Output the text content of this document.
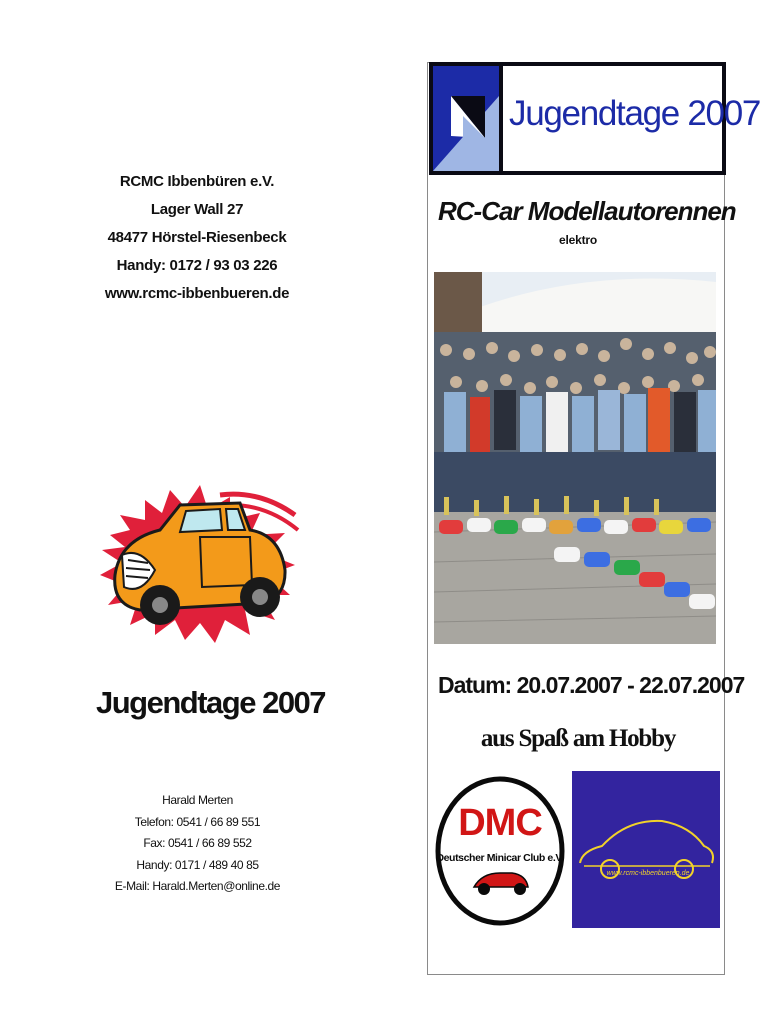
RCMC Ibbenbüren e.V.
Lager Wall 27
48477 Hörstel-Riesenbeck
Handy: 0172 / 93 03 226
www.rcmc-ibbenbueren.de
Jugendtage 2007
Harald Merten
Telefon: 0541 / 66 89 551
Fax: 0541 / 66 89 552
Handy: 0171 / 489 40 85
E-Mail: Harald.Merten@online.de
Jugendtage 2007
RC-Car Modellautorennen
elektro
Datum: 20.07.2007 - 22.07.2007
aus Spaß am Hobby
DMC
Deutscher Minicar Club e.V.
www.rcmc-ibbenbueren.de
